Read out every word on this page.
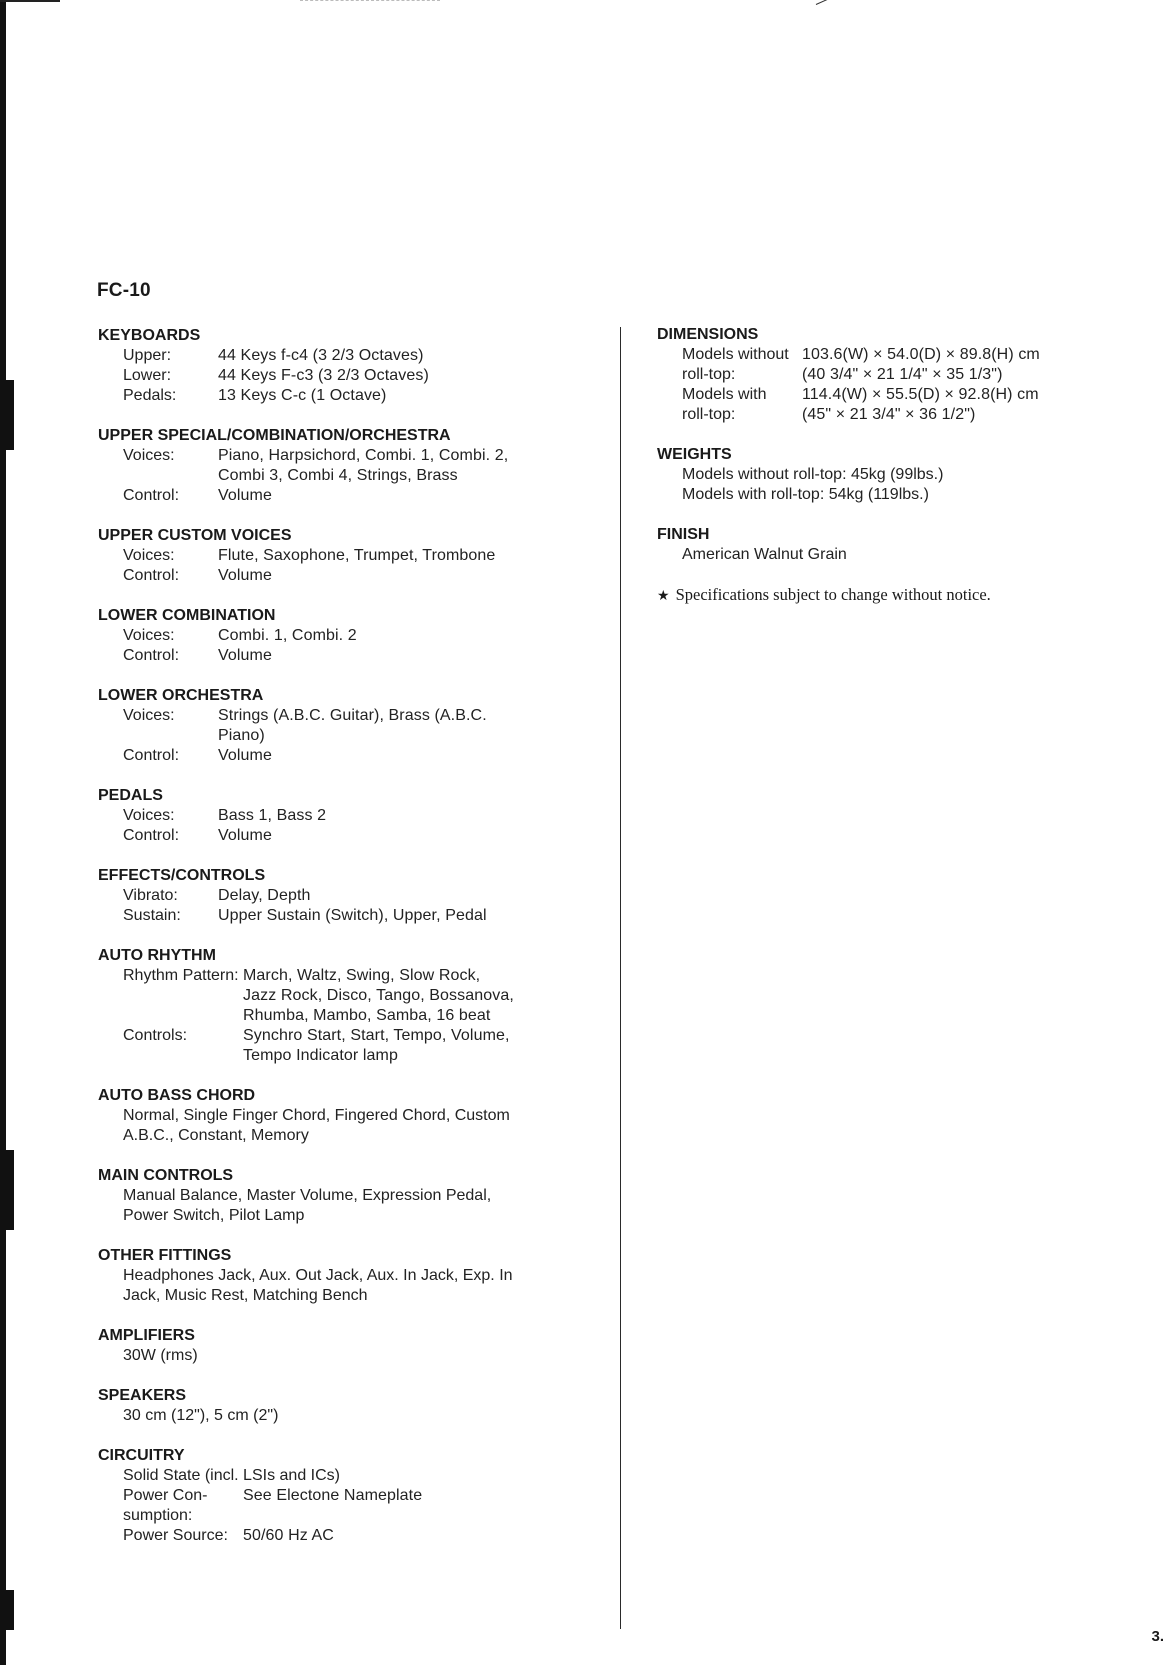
FC-10
KEYBOARDS
Upper:	44 Keys f-c4 (3 2/3 Octaves)
Lower:	44 Keys F-c3 (3 2/3 Octaves)
Pedals:	13 Keys C-c (1 Octave)
UPPER SPECIAL/COMBINATION/ORCHESTRA
Voices:	Piano, Harpsichord, Combi. 1, Combi. 2,
Combi 3, Combi 4, Strings, Brass
Control:	Volume
UPPER CUSTOM VOICES
Voices:	Flute, Saxophone, Trumpet, Trombone
Control:	Volume
LOWER COMBINATION
Voices:	Combi. 1, Combi. 2
Control:	Volume
LOWER ORCHESTRA
Voices:	Strings (A.B.C. Guitar), Brass (A.B.C.
Piano)
Control:	Volume
PEDALS
Voices:	Bass 1, Bass 2
Control:	Volume
EFFECTS/CONTROLS
Vibrato:	Delay, Depth
Sustain:	Upper Sustain (Switch), Upper, Pedal
AUTO RHYTHM
Rhythm Pattern: March, Waltz, Swing, Slow Rock,
Jazz Rock, Disco, Tango, Bossanova,
Rhumba, Mambo, Samba, 16 beat
Controls:	Synchro Start, Start, Tempo, Volume,
Tempo Indicator lamp
AUTO BASS CHORD
Normal, Single Finger Chord, Fingered Chord, Custom
A.B.C., Constant, Memory
MAIN CONTROLS
Manual Balance, Master Volume, Expression Pedal,
Power Switch, Pilot Lamp
OTHER FITTINGS
Headphones Jack, Aux. Out Jack, Aux. In Jack, Exp. In
Jack, Music Rest, Matching Bench
AMPLIFIERS
30W (rms)
SPEAKERS
30 cm (12"), 5 cm (2")
CIRCUITRY
Solid State (incl. LSIs and ICs)
Power Con-	See Electone Nameplate
sumption:
Power Source: 50/60 Hz AC
DIMENSIONS
Models without 103.6(W) × 54.0(D) × 89.8(H) cm
roll-top:	(40 3/4" × 21 1/4" × 35 1/3")
Models with	114.4(W) × 55.5(D) × 92.8(H) cm
roll-top:	(45" × 21 3/4" × 36 1/2")
WEIGHTS
Models without roll-top: 45kg (99lbs.)
Models with roll-top: 54kg (119lbs.)
FINISH
American Walnut Grain
★ Specifications subject to change without notice.
3.
